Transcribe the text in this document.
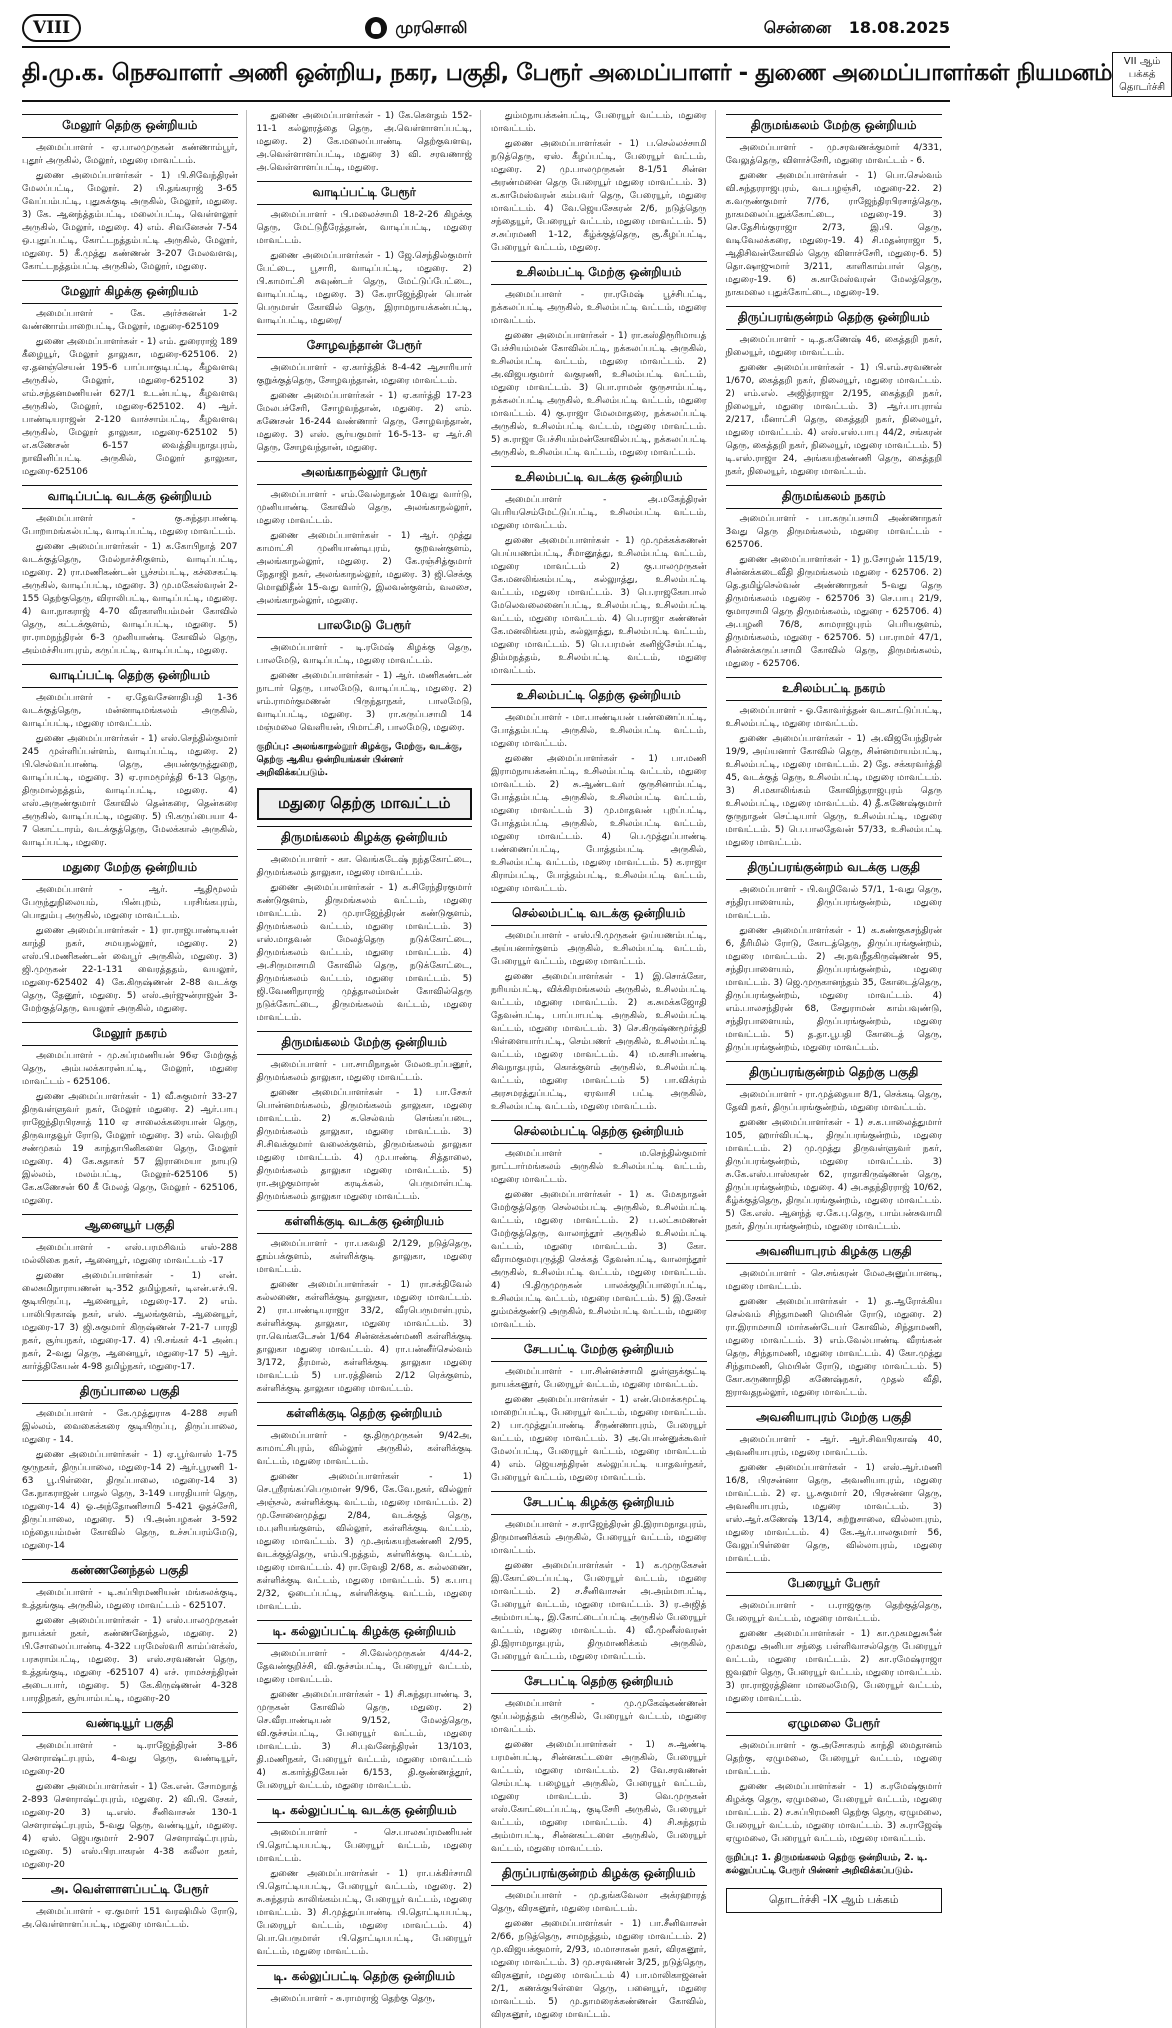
VIII	முரசொலி	சென்னை 18.08.2025
தி.மு.க. நெசவாளர் அணி ஒன்றிய, நகர, பகுதி, பேரூர் அமைப்பாளர் - துணை அமைப்பாளர்கள் நியமனம்	VII ஆம் பக்கத் தொடர்ச்சி
மேலூர் தெற்கு ஒன்றியம்

அமைப்பாளர் - ஏ.பாலமுருகன் கண்ணாம்பூர், புதூர் அருகில், மேலூர், மதுரை மாவட்டம்.

துணை அமைப்பாளர்கள் - 1) பி.சிவேந்திரன் மேலப்பட்டி, மேலூர். 2) பி.தங்கராஜ் 3-65 வேப்பம்பட்டி, புதுசுக்குடி அருகில், மேலூர், மதுரை. 3) கே. ஆனந்த்தம்பட்டி, மலைப்பட்டி, வெள்ளலூர் அருகில், மேலூர், மதுரை. 4) எம். சிவனேசன் 7-54 ஒ.புதுப்பட்டி, கோட்டநத்தம்பட்டி அருகில், மேலூர், மதுரை. 5) கீ.முத்து கண்ணன் 3-207 மேலவளவு, கோட்டநத்தம்பட்டி அருகில், மேலூர், மதுரை.

மேலூர் கிழக்கு ஒன்றியம்

அமைப்பாளர் - கே. அர்ச்சுனன் 1-2 வண்ணாம்பாறைபட்டி, மேலூர், மதுரை-625109

துணை அமைப்பாளர்கள் - 1) எம். துரைராஜ் 189 கீழையூர், மேலூர் தாலுகா, மதுரை-625106. 2) ஏ.தனஞ்செயன் 195-6 பாப்பாகுடிபட்டி, கீழவளவு அருகில், மேலூர், மதுரை-625102 3) எம்.சந்தனமணியன் 627/1 உடன்பட்டி, கீழவளவு அருகில், மேலூர், மதுரை-625102. 4) ஆர். பாண்டியராஜன் 2-120 வாச்சாம்பட்டி, கீழவளவு அருகில், மேலூர் தாலுகா, மதுரை-625102 5) எ.கணேசன் 6-157 வைத்தியநாதபுரம், நாவினிப்பட்டி அருகில், மேலூர் தாலுகா, மதுரை-625106

வாடிப்பட்டி வடக்கு ஒன்றியம்

அமைப்பாளர் - கு.சுந்தரபாண்டி போறாமங்கல்பட்டி, வாடிப்பட்டி, மதுரை மாவட்டம்.

துணை அமைப்பாளர்கள் - 1) க.கோபிநாத் 207 வடக்குத்தெரு, மேல்நாச்சிகுளம், வாடிப்பட்டி, மதுரை. 2) ரா.மணிகண்டன் பூச்சம்பட்டி, கச்சைகட்டி அருகில், வாடிப்பட்டி, மதுரை. 3) மு.மகேஸ்வரன் 2-155 தெற்குதெரு, விராலிபட்டி, வாடிப்பட்டி, மதுரை. 4) வா.நாகராஜ் 4-70 வீரகாளியம்மன் கோவில் தெரு, கட்டக்குளம், வாடிப்பட்டி, மதுரை. 5) ரா.ராமநந்திரன் 6-3 முனியாண்டி கோவில் தெரு, அம்மச்சியாபுரம், கருப்பட்டி, வாடிப்பட்டி, மதுரை.

வாடிப்பட்டி தெற்கு ஒன்றியம்

அமைப்பாளர் - ஏ.தேவசேனாதிபதி 1-36 வடக்குத்தெரு, மன்னாடிமங்கலம் அருகில், வாடிப்பட்டி, மதுரை மாவட்டம்.

துணை அமைப்பாளர்கள் - 1) எஸ்.செந்தில்குமார் 245 முள்ளிப்பள்ளம், வாடிப்பட்டி, மதுரை. 2) பி.செல்வப்பாண்டி தெரு, அயன்குருத்துறை, வாடிப்பட்டி, மதுரை. 3) ஏ.ராமமூர்த்தி 6-13 தெரு, திருமால்நத்தம், வாடிப்பட்டி, மதுரை. 4) எஸ்.அருண்குமார் கோவில் தென்கரை, தென்கரை அருகில், வாடிப்பட்டி, மதுரை. 5) பி.கருப்பையா 4-7 கொட்டாரம், வடக்குத்தெரு, மேலக்கால் அருகில், வாடிப்பட்டி, மதுரை.

மதுரை மேற்கு ஒன்றியம்

அமைப்பாளர் - ஆர். ஆதிமூலம் பேருந்துநிலையம், பின்புறம், பரசிங்கபுரம், பொதும்பு அருகில், மதுரை மாவட்டம்.

துணை அமைப்பாளர்கள் - 1) ரா.ராஜபாண்டியன் காந்தி நகர், சமயநல்லூர், மதுரை. 2) எஸ்.பி.மணிகண்டன் வைபூர் அருகில், மதுரை. 3) ஜி.முருகன் 22-1-131 வைரத்ததம், வயலூர், மதுரை-625402 4) கே.கிருஷ்ணன் 2-88 வடக்கு தெரு, தேனூர், மதுரை. 5) எஸ்.அர்ஜுன்ராஜன் 3-மேற்குத்தெரு, வயலூர் அருகில், மதுரை.

மேலூர் நகரம்

அமைப்பாளர் - மு.சுப்ரமணியன் 96ஏ மேற்குத் தெரு, அம்பலக்காரன்பட்டி, மேலூர், மதுரை மாவட்டம் - 625106.

துணை அமைப்பாளர்கள் - 1) வீ.சுகுமார் 33-27 திருவள்ளுவர் நகர், மேலூர் மதுரை. 2) ஆர்.பாபு ராஜேந்திரபிரசாத் 110 ஏ சாலைக்கரையான் தெரு, திருவாதவூர் ரோடு, மேலூர் மதுரை. 3) எம். வெற்றி சண்முகம் 19 காந்தாபினிகளை தெரு, மேலூர் மதுரை. 4) கே.சுதாகர் 57 இராமையா நாயுடு இல்லம், மலம்பட்டி, மேலூர்-625106 5) கே.கணேசன் 60 கீ மேலத் தெரு, மேலூர் - 625106, மதுரை.

ஆனையூர் பகுதி

அமைப்பாளர் - எஸ்.பரமசிவம் எஸ்-288 மல்லிகை நகர், ஆனையூர், மதுரை மாவட்டம் -17

துணை அமைப்பாளர்கள் - 1) என். லைசுமிநாராயணன் டி-352 தமிழ்நகர், டிஎன்.எச்.பி. குடியிருப்பு, ஆனையூர், மதுரை-17. 2) எம். பாலிபிரகாஷ் நகர், எஸ். ஆலங்குளம், ஆனையூர், மதுரை-17 3) ஜி.சுகுமார் கிருஷ்ணன் 7-21-7 பாரதி நகர், சூர்யநகர், மதுரை-17. 4) பி.சங்கர் 4-1 அன்பு நகர், 2-வது தெரு, ஆனையூர், மதுரை-17 5) ஆர். கார்த்திகேயன் 4-98 தமிழ்நகர், மதுரை-17.

திருப்பாலை பகுதி

அமைப்பாளர் - கே.முத்துராசு 4-288 சரளி இல்லம், வைகைக்கரை குடியிருப்பு, திருப்பாலை, மதுரை - 14.

துணை அமைப்பாளர்கள் - 1) ஏ.பூர்வாஸ் 1-75 குருநகர், திருப்பாலை, மதுரை-14 2) ஆர்.பூரணி 1-63 பூ.பிள்ளை, திருப்பாலை, மதுரை-14 3) கே.நாகராஜன் பாதல் தெரு, 3-149 பாரதியார் தெரு, மதுரை-14 4) ஓ.அந்தோணிசாமி 5-421 ஓதச்சேரி, திருப்பாலை, மதுரை. 5) பி.அன்பழகன் 3-592 மந்தையம்மன் கோவில் தெரு, உச்சப்பரம்மேடு, மதுரை-14

கண்ணனேந்தல் பகுதி

அமைப்பாளர் - டி.சுப்பிரமணியன் மங்கலக்குடி, உத்தங்குடி அருகில், மதுரை மாவட்டம் - 625107.

துணை அமைப்பாளர்கள் - 1) எஸ்.பாலமுருகன் நாயக்கர் நகர், கண்ணனேந்தல், மதுரை. 2) பி.சோலைப்பாண்டி 4-322 பரமேஸ்வரி காம்ப்ளக்ஸ், பரசுராம்பட்டி, மதுரை. 3) எஸ்.சரவணன் தெரு, உத்தங்குடி, மதுரை -625107 4) எச். ராமச்சந்திரன் அடையார், மதுரை. 5) கே.கிருஷ்ணன் 4-328 பாரதிநகர், சூர்யாம்பட்டி, மதுரை-20

வண்டியூர் பகுதி

அமைப்பாளர் - டி.ராஜேந்திரன் 3-86 சௌராஷ்ட்ரபுரம், 4-வது தெரு, வண்டியூர், மதுரை-20

துணை அமைப்பாளர்கள் - 1) கே.என். சோமநாத் 2-893 சௌராஷ்ட்ரபுரம், மதுரை. 2) வி.பி. சேகர், மதுரை-20 3) டி.எஸ். சீனிவாசன் 130-1 சௌராஷ்ட்ரபுரம், 5-வது தெரு, வண்டியூர், மதுரை. 4) ஏஸ். ஜெயகுமார் 2-907 சௌராஷ்ட்ரபுரம், மதுரை. 5) எஸ்.பிரபாகரன் 4-38 கலீலா நகர், மதுரை-20

அ. வெள்ளாளப்பட்டி பேரூர்

அமைப்பாளர் - ஏ.குமார் 151 வரஷிமில் ரோடு, அ.வெள்ளாளப்பட்டி, மதுரை மாவட்டம்.

துணை அமைப்பாளர்கள் - 1) கே.கெளதம் 152-11-1 கல்லூரத்தை தெரு, அ.வெள்ளாளப்பட்டி, மதுரை. 2) கே.மலைப்பாண்டி தெற்குவளவு, அ.வெள்ளாளப்பட்டி, மதுரை 3) வி. சரவணாஜ் அ.வெள்ளாளப்பட்டி, மதுரை.

வாடிப்பட்டி பேரூர்

அமைப்பாளர் - பி.மலைச்சாமி 18-2-26 கிழக்கு தெரு, மேட்டுநீரேத்தான், வாடிப்பட்டி, மதுரை மாவட்டம்.

துணை அமைப்பாளர்கள் - 1) ஜே.செந்தில்குமார் பேட்டை, பூசாரி, வாடிப்பட்டி, மதுரை. 2) பி.காமாட்சி சுவுண்டர் தெரு, மேட்டுப்பேட்டை, வாடிப்பட்டி, மதுரை. 3) கே.ராஜேந்திரன் பொன் பெருமாள் கோவில் தெரு, இராமநாயக்கன்பட்டி, வாடிப்பட்டி, மதுரை/

சோழவந்தான் பேரூர்

அமைப்பாளர் - ஏ.கார்த்திக் 8-4-42 ஆசாரியார் குறுக்குத்தெரு, சோழவந்தான், மதுரை மாவட்டம்.

துணை அமைப்பாளர்கள் - 1) ஏ.கார்த்தி 17-23 மேலபச்சேரி, சோழவந்தான், மதுரை. 2) எம். கணேசன் 16-244 வண்ணார் தெரு, சோழவந்தான், மதுரை. 3) எஸ். சூர்யகுமார் 16-5-13- ஏ ஆர்.சி தெரு, சோழவந்தான், மதுரை.

அலங்காநல்லூர் பேரூர்

அமைப்பாளர் - எம்.வேல்நாதன் 10வது வார்டு, முனியாண்டி கோவில் தெரு, அலங்காநல்லூர், மதுரை மாவட்டம்.

துணை அமைப்பாளர்கள் - 1) ஆர். முத்து காமாட்சி முனியாண்டிபுரம், குறவன்குளம், அலங்காநல்லூர், மதுரை. 2) கே.ரஞ்சித்குமார் நேதாஜி நகர், அலங்காநல்லூர், மதுரை. 3) ஜி.செக்கு மொஹிதீன் 15-வது வார்டு, இலவன்குளம், வலசை, அலங்காநல்லூர், மதுரை.

பாலமேடு பேரூர்

அமைப்பாளர் - டி.ரமேஷ் கிழக்கு தெரு, பாலமேடு, வாடிப்பட்டி, மதுரை மாவட்டம்.

துணை அமைப்பாளர்கள் - 1) ஆர். மணிகண்டன் நாடார் தெரு, பாலமேடு, வாடிப்பட்டி, மதுரை. 2) எம்.ராமர்குமணன் பிருந்தாநகர், பாலமேடு, வாடிப்பட்டி, மதுரை. 3) ரா.கருப்பசாமி 14 மஞ்மலை வெளியன், பிமாட்சி, பாலமேடு, மதுரை.

குறிப்பு: அலங்காநல்லூர் கிழக்கு, மேற்கு, வடக்கு, தெற்கு ஆகிய ஒன்றியங்கள் பின்னர் அறிவிக்கப்படும்.
மதுரை தெற்கு மாவட்டம்
திருமங்கலம் கிழக்கு ஒன்றியம்

அமைப்பாளர் - கா. வெங்கடேஷ் நந்தகோட்டை, திருமங்கலம் தாலுகா, மதுரை மாவட்டம்.

துணை அமைப்பாளர்கள் - 1) க.சிரேந்திரகுமார் கண்டுகுளம், திருமங்கலம் வட்டம், மதுரை மாவட்டம். 2) மு.ராஜேந்திரன் கண்டுகுளம், திருமங்கலம் வட்டம், மதுரை மாவட்டம். 3) எஸ்.மாதவன் மேலத்தெரு நடுக்கோட்டை, திருமங்கலம் வட்டம், மதுரை மாவட்டம். 4) அ.சிருமாசாமி கோவில் தெரு, நடுக்கோட்டை, திருமங்கலம் வட்டம், மதுரை மாவட்டம். 5) ஜி.வேணிநாராஜ் முத்தாலம்மன் கோவில்தெரு நடுக்கோட்டை, திருமங்கலம் வட்டம், மதுரை மாவட்டம்.

திருமங்கலம் மேற்கு ஒன்றியம்

அமைப்பாளர் - பா.சாமிநாதன் மேலஉரப்பனூர், திருமங்கலம் தாலுகா, மதுரை மாவட்டம்.

துணை அமைப்பாளர்கள் - 1) பா.சேகர் பொன்னமங்கலம், திருமங்கலம் தாலுகா, மதுரை மாவட்டம். 2) க.செல்வம் செங்கப்படை, திருமங்கலம் தாலுகா, மதுரை மாவட்டம். 3) சி.சிவக்குமார் வலைக்குளம், திருமங்கலம் தாலுகா மதுரை மாவட்டம். 4) மு.பாண்டி சித்தாலை, திருமங்கலம் தாலுகா மதுரை மாவட்டம். 5) ரா.அழகுமாரன் கரடிக்கல், பெருமாள்பட்டி திருமங்கலம் தாலுகா மதுரை மாவட்டம்.

கள்ளிக்குடி வடக்கு ஒன்றியம்

அமைப்பாளர் - ரா.பகவதி 2/129, நடுத்தெரு, தூம்பக்குளம், கள்ளிக்குடி தாலுகா, மதுரை மாவட்டம்.

துணை அமைப்பாளர்கள் - 1) ரா.சக்திவேல் கல்லணை, கள்ளிக்குடி தாலுகா, மதுரை மாவட்டம். 2) ரா.பாண்டியராஜா 33/2, வீரபெருமாள்புரம், கள்ளிக்குடி தாலுகா, மதுரை மாவட்டம். 3) ரா.வெங்கடேசன் 1/64 சின்னக்கண்மணி கள்ளிக்குடி தாலுகா மதுரை மாவட்டம். 4) ரா.பன்னீர்செல்வம் 3/172, தீரமால், கள்ளிக்குடி தாலுகா மதுரை மாவட்டம் 5) பா.ரத்தினம் 2/12 ரெக்குளம், கள்ளிக்குடி தாலுகா மதுரை மாவட்டம்.

கள்ளிக்குடி தெற்கு ஒன்றியம்

அமைப்பாளர் - கு.திருமுருகன் 9/42அ, காமாட்சிபுரம், வில்லூர் அருகில், கள்ளிக்குடி வட்டம், மதுரை மாவட்டம்.

துணை அமைப்பாளர்கள் - 1) செ.ஸ்ரீரங்கப்பெருமான் 9/96, கே.வே.நகர், வில்லூர் அஞ்சல், கள்ளிக்குடி வட்டம், மதுரை மாவட்டம். 2) மு.சோனைமுத்து 2/84, வடக்குத் தெரு, ம.புளியங்குளம், வில்லூர், கள்ளிக்குடி வட்டம், மதுரை மாவட்டம். 3) மு.அங்கயற்கண்ணி 2/95, வடக்குத்தெரு, எம்.பி.நத்தம், கள்ளிக்குடி வட்டம், மதுரை மாவட்டம். 4) ரா.ரேவதி 2/68, க. கல்லணை, கள்ளிக்குடி வட்டம், மதுரை மாவட்டம். 5) க.பாபு 2/32, ஓடைப்பட்டி, கள்ளிக்குடி வட்டம், மதுரை மாவட்டம்.

டி. கல்லுப்பட்டி கிழக்கு ஒன்றியம்

அமைப்பாளர் - சி.வேல்முருகன் 4/44-2, தேவன்குறிச்சி, வி.குச்சம்பட்டி, பேரையூர் வட்டம், மதுரை மாவட்டம்.

துணை அமைப்பாளர்கள் - 1) சி.சுந்தரபாண்டி 3, முருகன் கோவில் தெரு, மதுரை. 2) செ.வீரபாண்டியன் 9/152, மேலத்தெரு, வி.குச்சம்பட்டி, பேரையூர் வட்டம், மதுரை மாவட்டம். 3) சி.புவனேந்திரன் 13/103, தி.மணிநகர், பேரையூர் வட்டம், மதுரை மாவட்டம் 4) க.கார்த்திகேயன் 6/153, தி.குண்ணத்தூர், பேரையூர் வட்டம், மதுரை மாவட்டம்.

டி. கல்லுப்பட்டி வடக்கு ஒன்றியம்

அமைப்பாளர் - செ.பாலசுப்ரமணியன் பி.தொட்டியபட்டி, பேரையூர் வட்டம், மதுரை மாவட்டம்.

துணை அமைப்பாளர்கள் - 1) ரா.பக்கிர்சாமி பி.தொட்டியபட்டி, பேரையூர் வட்டம், மதுரை. 2) சு.சுந்தரம் காலிங்கம்பட்டி, பேரையூர் வட்டம், மதுரை மாவட்டம். 3) சி.முத்துப்பாண்டி பி.தொட்டியபட்டி, பேரையூர் வட்டம், மதுரை மாவட்டம். 4) பொ.பெருமாள் பி.தொட்டியபட்டி, பேரையூர் வட்டம், மதுரை மாவட்டம்.

டி. கல்லுப்பட்டி தெற்கு ஒன்றியம்

அமைப்பாளர் - சு.ராமராஜ் தெற்கு தெரு,

தும்மநாயக்கன்பட்டி, பேரையூர் வட்டம், மதுரை மாவட்டம்.

துணை அமைப்பாளர்கள் - 1) ப.செல்லச்சாமி நடுத்தெரு, ஏஸ். கீழப்பட்டி, பேரையூர் வட்டம், மதுரை. 2) மு.பாலமுருகன் 8-1/51 சின்ன அரண்மனை தெரு பேரையூர் மதுரை மாவட்டம். 3) க.காமேஸ்வரன் கம்பவர் தெரு, பேரையூர், மதுரை மாவட்டம். 4) வே.ஜெயசேகரன் 2/6, நடுத்தெரு சந்தையூர், பேரையூர் வட்டம், மதுரை மாவட்டம். 5) ச.சுப்ரமணி 1-12, கீழ்க்குத்தெரு, சூ.கீழப்பட்டி, பேரையூர் வட்டம், மதுரை.

உசிலம்பட்டி மேற்கு ஒன்றியம்

அமைப்பாளர் - ரா.ரமேஷ் பூச்சிபட்டி, நக்கலப்பட்டி அருகில், உசிலம்பட்டி வட்டம், மதுரை மாவட்டம்.

துணை அமைப்பாளர்கள் - 1) ரா.கஸ்திரூரிமாயத் பேச்சியம்மன் கோவில்பட்டி, நக்கலப்பட்டி அருகில், உசிலம்பட்டி வட்டம், மதுரை மாவட்டம். 2) அ.விஜயகுமார் வகுரணி, உசிலம்பட்டி வட்டம், மதுரை மாவட்டம். 3) பொ.ராமன் குருசாம்பட்டி, நக்கலப்பட்டி அருகில், உசிலம்பட்டி வட்டம், மதுரை மாவட்டம். 4) கு.ராஜா மேலமாதரை, நக்கலப்பட்டி அருகில், உசிலம்பட்டி வட்டம், மதுரை மாவட்டம். 5) சு.ராஜா பேச்சியம்மன்கோவில்பட்டி, நக்கலப்பட்டி அருகில், உசிலம்பட்டி வட்டம், மதுரை மாவட்டம்.

உசிலம்பட்டி வடக்கு ஒன்றியம்

அமைப்பாளர் - அ.மகேந்திரன் பெரியசெம்மேட்டுப்பட்டி, உசிலம்பட்டி வட்டம், மதுரை மாவட்டம்.

துணை அமைப்பாளர்கள் - 1) மு.முக்கக்கணன் பெய்யணம்பட்டி, சீமானூத்து, உசிலம்பட்டி வட்டம், மதுரை மாவட்டம் 2) கு.பாலமுருகன் கே.மனலிங்கம்பட்டி, கல்லுாத்து, உசிலம்பட்டி வட்டம், மதுரை மாவட்டம். 3) பெ.ராஜகோபால் மேலெவலைனைப்பட்டி, உசிலம்பட்டி, உசிலம்பட்டி வட்டம், மதுரை மாவட்டம். 4) பெ.ராஜா கண்ணன் கே.மனலிங்கபுரம், கல்லுாத்து, உசிலம்பட்டி வட்டம், மதுரை மாவட்டம். 5) பெ.பரமன் கனிஜ்சேம்பட்டி, திம்மநத்தம், உசிலம்பட்டி வட்டம், மதுரை மாவட்டம்.

உசிலம்பட்டி தெற்கு ஒன்றியம்

அமைப்பாளர் - மா.பாண்டியன் பண்ணைப்பட்டி, போத்தம்பட்டி அருகில், உசிலம்பட்டி வட்டம், மதுரை மாவட்டம்.

துணை அமைப்பாளர்கள் - 1) பா.மணி இராமநாயக்கன்பட்டி, உசிலம்பட்டி வட்டம், மதுரை மாவட்டம். 2) சு.ஆண்டவர் குருசினாம்பட்டி, போத்தம்பட்டி அருகில், உசிலம்பட்டி வட்டம், மதுரை மாவட்டம் 3) மு.மாதவன் புறப்பட்டி, போத்தம்பட்டி அருகில், உசிலம்பட்டி வட்டம், மதுரை மாவட்டம். 4) பெ.முத்துப்பாண்டி பண்ணைப்பட்டி, போத்தம்பட்டி அருகில், உசிலம்பட்டி வட்டம், மதுரை மாவட்டம். 5) க.ராஜா கிராம்பட்டி, போத்தம்பட்டி, உசிலம்பட்டி வட்டம், மதுரை மாவட்டம்.

செல்லம்பட்டி வடக்கு ஒன்றியம்

அமைப்பாளர் - எஸ்.பி.முருகன் ஒய்யணம்பட்டி, அய்யனார்குளம் அருகில், உசிலம்பட்டி வட்டம், பேரையூர் வட்டம், மதுரை மாவட்டம்.

துணை அமைப்பாளர்கள் - 1) இ.சொக்கோ, நரியம்பட்டி, விக்கிரமங்கலம் அருகில், உசிலம்பட்டி வட்டம், மதுரை மாவட்டம். 2) க.சுமக்கஜோதி தேவன்பட்டி, பாப்பாபட்டி அருகில், உசிலம்பட்டி வட்டம், மதுரை மாவட்டம். 3) செ.கிருஷ்ணமூர்த்தி பிள்ளையார்பட்டி, செம்பணர் அருகில், உசிலம்பட்டி வட்டம், மதுரை மாவட்டம். 4) ம.காசிபாண்டி சிவநாதபுரம், கொக்குளம் அருகில், உசிலம்பட்டி வட்டம், மதுரை மாவட்டம் 5) பா.விக்ரம் அரசமரத்துப்பட்டி, ஏரவாசி பட்டி அருகில், உசிலம்பட்டி வட்டம், மதுரை மாவட்டம்.

செல்லம்பட்டி தெற்கு ஒன்றியம்

அமைப்பாளர் - ம.செந்தில்குமார் நாட்டார்மங்கலம் அருகில் உசிலம்பட்டி வட்டம், மதுரை மாவட்டம்.

துணை அமைப்பாளர்கள் - 1) க. மேகநாதன் மேற்குத்தெரு செல்லம்பட்டி அருகில், உசிலம்பட்டி வட்டம், மதுரை மாவட்டம். 2) ப.லட்சுமணன் மேற்குத்தெரு, வாலாந்தூர் அருகில் உசிலம்பட்டி வட்டம், மதுரை மாவட்டம். 3) கோ. வீராமகுமரபுருத்தி செக்கத் தேவன்பட்டி, வாலாந்தூர் அருகில், உசிலம்பட்டி வட்டம், மதுரை மாவட்டம். 4) பி.திருமுருகன் பாலக்குறிப்பாரைப்பட்டி, உசிலம்பட்டி வட்டம், மதுரை மாவட்டம். 5) இ.சேகர் தும்மக்குண்டு அருகில், உசிலம்பட்டி வட்டம், மதுரை மாவட்டம்.

சேடபட்டி மேற்கு ஒன்றியம்

அமைப்பாளர் - பா.சின்னச்சாமி துள்ளுக்குட்டி நாயக்கனூர், பேரையூர் வட்டம், மதுரை மாவட்டம்.

துணை அமைப்பாளர்கள் - 1) என்.மொக்கமூட்டி மாறைப்பட்டி, பேரையூர் வட்டம், மதுரை மாவட்டம். 2) பா.முத்துப்பாண்டி சீருண்ணாபுரம், பேரையூர் வட்டம், மதுரை மாவட்டம். 3) அ.பொன்னுக்கூவர் மேலப்பட்டி, பேரையூர் வட்டம், மதுரை மாவட்டம் 4) எம். ஜெயசந்திரன் கல்லுப்பட்டி யாதவர்நகர், பேரையூர் வட்டம், மதுரை மாவட்டம்.

சேடபட்டி கிழக்கு ஒன்றியம்

அமைப்பாளர் - ச.ராஜேந்திரன் தி.இராமநாதபுரம், திருமாணிக்கம் அருகில், பேரையூர் வட்டம், மதுரை மாவட்டம்.

துணை அமைப்பாளர்கள் - 1) க.முருகேசன் இ.கோட்டைப்பட்டி, பேரையூர் வட்டம், மதுரை மாவட்டம். 2) ச.சீனிவாசன் அ.அம்மாபட்டி, பேரையூர் வட்டம், மதுரை மாவட்டம். 3) ர.அஜித் அம்மாபட்டி, இ.கோட்டைப்பட்டி அருகில் பேரையூர் வட்டம், மதுரை மாவட்டம். 4) வீ.முனீஸ்வரன் தி.இராமநாதபுரம், திருமாணிக்கம் அருகில், பேரையூர் வட்டம், மதுரை மாவட்டம்.

சேடபட்டி தெற்கு ஒன்றியம்

அமைப்பாளர் - மு.முகேஷ்கண்ணன் குப்பல்நத்தம் அருகில், பேரையூர் வட்டம், மதுரை மாவட்டம்.

துணை அமைப்பாளர்கள் - 1) சு.ஆண்டி பரமன்பட்டி, சின்னகட்டளை அருகில், பேரையூர் வட்டம், மதுரை மாவட்டம். 2) வே.சரவணன் செம்பட்டி பழையூர் அருகில், பேரையூர் வட்டம், மதுரை மாவட்டம். 3) வெ.முருகன் எஸ்.கோட்டைப்பட்டி, குடிசேரி அருகில், பேரையூர் வட்டம், மதுரை மாவட்டம். 4) சி.சுந்தரம் அம்மாபட்டி, சின்னகட்டளை அருகில், பேரையூர் வட்டம், மதுரை மாவட்டம்.

திருப்பரங்குன்றம் கிழக்கு ஒன்றியம்

அமைப்பாளர் - மு.தங்கவேலா அக்ரஹாரத் தெரு, விரகனூர், மதுரை மாவட்டம்.

துணை அமைப்பாளர்கள் - 1) பா.சீனிவாசன் 2/66, நடுத்தெரு, சாமநத்தம், மதுரை மாவட்டம். 2) மு.விஜயக்குமார், 2/93, ம.மாசாகன் நகர், விரகனூர், மதுரை மாவட்டம். 3) மு.சரவணன் 3/25, நடுத்தெரு, விரகனூர், மதுரை மாவட்டம் 4) பா.மாலிகாஜனன் 2/1, கணக்குபிள்ளை தெரு, பனையூர், மதுரை மாவட்டம். 5) மு.தாமரைக்கண்ணன் கோவில், விரகனூர், மதுரை மாவட்டம்.

திருமங்கலம் மேற்கு ஒன்றியம்

அமைப்பாளர் - மு.சரவணக்குமார் 4/331, வேலுத்தெரு, விளாச்சேரி, மதுரை மாவட்டம் - 6.

துணை அமைப்பாளர்கள் - 1) பொ.செல்வம் வி.சுந்தரராஜபுரம், வடபழஞ்சி, மதுரை-22. 2) க.வருண்குமார் 7/76, ராஜேந்திரபிரசாத்தெரு, நாகமலைப்புதுக்கோட்டை, மதுரை-19. 3) செ.தேசிங்குராஜா 2/73, இ.பி. தெரு, வடிவேலக்கரை, மதுரை-19. 4) சி.மதன்ராஜா 5, ஆதிசிவன்கோவில் தெரு விளாச்சேரி, மதுரை-6. 5) தொ.ஷாஜுமார் 3/211, காளிகாம்பாள் தெரு, மதுரை-19. 6) சு.காமேஸ்வரன் மேலத்தெரு, நாகமலை புதுக்கோட்டை, மதுரை-19.

திருப்பரங்குன்றம் தெற்கு ஒன்றியம்

அமைப்பாளர் - டி.த.கணேஷ் 46, கைத்தறி நகர், நிலையூர், மதுரை மாவட்டம்.

துணை அமைப்பாளர்கள் - 1) பி.எம்.சரவணன் 1/670, கைத்தறி நகர், நிலையூர், மதுரை மாவட்டம். 2) எம்.எல். அஜித்ராஜா 2/195, கைத்தறி நகர், நிலையூர், மதுரை மாவட்டம். 3) ஆர்.பாபுராவ் 2/217, மீனாட்சி தெரு, கைத்தறி நகர், நிலையூர், மதுரை மாவட்டம். 4) எஸ்.எஸ்.பாபு 44/2, சங்கரன் தெரு, கைத்தறி நகர், நிலையூர், மதுரை மாவட்டம். 5) டி.எஸ்.ராஜா 24, அங்கயற்கண்ணி தெரு, கைத்தறி நகர், நிலையூர், மதுரை மாவட்டம்.

திருமங்கலம் நகரம்

அமைப்பாளர் - பா.கருப்பசாமி அண்ணாநகர் 3வது தெரு திருமங்கலம், மதுரை மாவட்டம் - 625706.

துணை அமைப்பாளர்கள் - 1) ந.சோழன் 115/19, சின்னக்கடைவீதி திருமங்கலம் மதுரை - 625706. 2) தெ.தமிழ்செல்வன் அண்ணாநகர் 5-வது தெரு திருமங்கலம் மதுரை - 625706 3) செ.பாபு 21/9, குமாரசாமி தெரு திருமங்கலம், மதுரை - 625706. 4) அ.பழனி 76/8, காமராஜபுரம் பெரியகுளம், திருமங்கலம், மதுரை - 625706. 5) பா.ராமர் 47/1, சின்னக்கருப்பசாமி கோவில் தெரு, திருமங்கலம், மதுரை - 625706.

உசிலம்பட்டி நகரம்

அமைப்பாளர் - ஓ.கோவர்த்தன் வடகாட்டுப்பட்டி, உசிலம்பட்டி, மதுரை மாவட்டம்.

துணை அமைப்பாளர்கள் - 1) அ.விஜயேந்திரன் 19/9, அய்யனார் கோவில் தெரு, சின்னமாயம்பட்டி, உசிலம்பட்டி, மதுரை மாவட்டம். 2) தே. சக்கரவர்த்தி 45, வடக்குத் தெரு, உசிலம்பட்டி, மதுரை மாவட்டம். 3) சி.மகாலிங்கம் கோவிந்தராஜபுரம் தெரு உசிலம்பட்டி, மதுரை மாவட்டம். 4) தீ.கணேஷ்குமார் குருநாதன் செட்டியார் தெரு, உசிலம்பட்டி, மதுரை மாவட்டம். 5) பெ.பாலதேவன் 57/33, உசிலம்பட்டி மதுரை மாவட்டம்.

திருப்பரங்குன்றம் வடக்கு பகுதி

அமைப்பாளர் - பி.வழிவேல் 57/1, 1-வது தெரு, சந்திரபாளையம், திருப்பரங்குன்றம், மதுரை மாவட்டம்.

துணை அமைப்பாளர்கள் - 1) க.கண்குகசந்திரன் 6, தீரிமில் ரோடு, கோடத்தெரு, திருப்பரங்குன்றம், மதுரை மாவட்டம். 2) அ.நவநீதகிருஷ்ணன் 95, சந்திரபாளையம், திருப்பரங்குன்றம், மதுரை மாவட்டம். 3) ஜெ.முருகானந்தம் 35, கோடைத்தெரு, திருப்பரங்குன்றம், மதுரை மாவட்டம். 4) எம்.பாலசந்திரன் 68, சேதுராமன் காம்பவுண்டு, சந்திரபாளையம், திருப்பரங்குன்றம், மதுரை மாவட்டம். 5) த.தா.பூபதி கோடைத் தெரு, திருப்பரங்குன்றம், மதுரை மாவட்டம்.

திருப்பரங்குன்றம் தெற்கு பகுதி

அமைப்பாளர் - ரா.முத்தையா 8/1, செக்கடி தெரு, தேவி நகர், திருப்பரங்குன்றம், மதுரை மாவட்டம்.

துணை அமைப்பாளர்கள் - 1) ச.க.பாலைத்துமார் 105, ஹார்விபட்டி, திருப்பரங்குன்றம், மதுரை மாவட்டம். 2) மு.முத்து திருவள்ளுவர் நகர், திருப்பரங்குன்றம், மதுரை மாவட்டம். 3) சு.கே.எஸ்.பாஸ்கரன் 62, ராதாகிருஷ்ணன் தெரு, திருப்பரங்குன்றம், மதுரை. 4) அ.சுதந்திரராஜ் 10/62, கீழ்க்குத்தெரு, திருப்பரங்குன்றம், மதுரை மாவட்டம். 5) கே.எஸ். ஆனந்த் ஏ.கே.பு.தெரு, பாம்பன்சுவாமி நகர், திருப்பரங்குன்றம், மதுரை மாவட்டம்.

அவனியாபுரம் கிழக்கு பகுதி

அமைப்பாளர் - செ.சங்கரன் மேலஅனுப்பானடி, மதுரை மாவட்டம்.

துணை அமைப்பாளர்கள் - 1) த.ஆரோக்கிய செல்வம் சிந்தாமணி மெயின் ரோடு, மதுரை. 2) ரா.இராமசாமி மார்கண்டேயர் கோவில், சிந்தாமணி, மதுரை மாவட்டம். 3) எம்.வேல்பாண்டி வீரங்கன் தெரு, சிந்தாமணி, மதுரை மாவட்டம். 4) கோ.முத்து சிந்தாமணி, மெயின் ரோடு, மதுரை மாவட்டம். 5) கோ.கருணாநிதி கணேஷ்நகர், முதல் வீதி, ஐராவதநல்லூர், மதுரை மாவட்டம்.

அவனியாபுரம் மேற்கு பகுதி

அமைப்பாளர் - ஆர். ஆர்.சிவபிரகாஷ் 40, அவனியாபுரம், மதுரை மாவட்டம்.

துணை அமைப்பாளர்கள் - 1) எஸ்.ஆர்.மணி 16/8, பிரசன்னா தெரு, அவனியாபுரம், மதுரை மாவட்டம். 2) ஏ. பூ.சுகுமார் 20, பிரசன்னா தெரு, அவனியாபுரம், மதுரை மாவட்டம். 3) எஸ்.ஆர்.கணேஷ் 13/14, சுற்றுசாலை, வில்லாபுரம், மதுரை மாவட்டம். 4) கே.ஆர்.பாலகுமார் 56, வேலுப்பிள்ளை தெரு, வில்லாபுரம், மதுரை மாவட்டம்.

பேரையூர் பேரூர்

அமைப்பாளர் - ப.ராஜகுரு தெற்குத்தெரு, பேரையூர் வட்டம், மதுரை மாவட்டம்.

துணை அமைப்பாளர்கள் - 1) கா.முகமதுசுபீன் முகமது அனிபா சந்தை பள்ளிவாசல்தெரு பேரையூர் வட்டம், மதுரை மாவட்டம். 2) கா.ரமேஷ்ராஜா ஜவஹர் தெரு, பேரையூர் வட்டம், மதுரை மாவட்டம். 3) ரா.ராஜரத்தினா மாலைமேடு, பேரையூர் வட்டம், மதுரை மாவட்டம்.

ஏழுமலை பேரூர்

அமைப்பாளர் - கு.அசோகரம் காந்தி மைதானம் தெற்கு, ஏழுமலை, பேரையூர் வட்டம், மதுரை மாவட்டம்.

துணை அமைப்பாளர்கள் - 1) க.ரமேஷ்குமார் கிழக்கு தெரு, ஏழுமலை, பேரையூர் வட்டம், மதுரை மாவட்டம். 2) ச.சுப்பிரமணி தெற்கு தெரு, ஏழுமலை, பேரையூர் வட்டம், மதுரை மாவட்டம். 3) சு.ராஜேஷ் ஏழுமலை, பேரையூர் வட்டம், மதுரை மாவட்டம்.

குறிப்பு: 1. திருமங்கலம் தெற்கு ஒன்றியம், 2. டி. கல்லுப்பட்டி பேரூர் பின்னர் அறிவிக்கப்படும்.
தொடர்ச்சி -IX ஆம் பக்கம்
